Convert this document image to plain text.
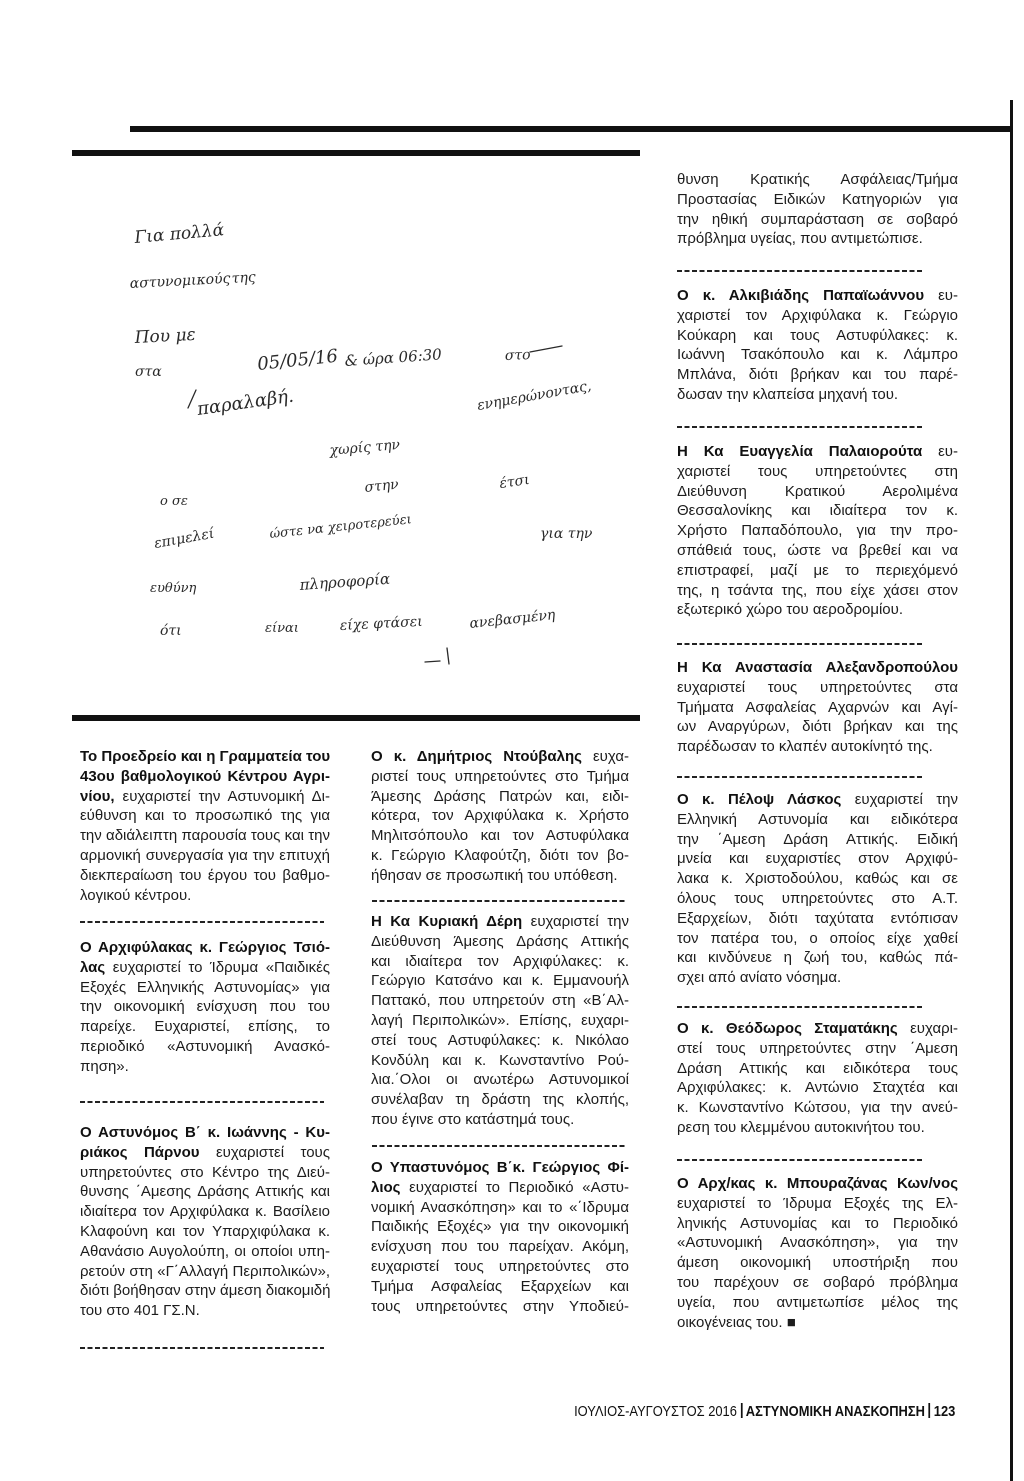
Για πολλά
αστυνομικούς της
Που με
στα	05/05/16 & ώρα 06:30	στο
παραλαβή.	ενημερώνοντας,
χωρίς την
στην	έτσι
ο σε
επιμελεί	ώστε να χειροτερεύει	για την
ευθύνη	πληροφορία
ότι	είναι	είχε φτάσει	ανεβασμένη
Το Προεδρείο και η Γραμματεία του
43ου βαθμολογικού Κέντρου Αγρι-
νίου, ευχαριστεί την Αστυνομική Δι-
εύθυνση και το προσωπικό της για
την αδιάλειπτη παρουσία τους και την
αρμονική συνεργασία για την επιτυχή
διεκπεραίωση του έργου του βαθμο-
λογικού κέντρου.
Ο Αρχιφύλακας κ. Γεώργιος Τσιό-
λας ευχαριστεί το Ίδρυμα «Παιδικές
Εξοχές Ελληνικής Αστυνομίας» για
την οικονομική ενίσχυση που του
παρείχε. Ευχαριστεί, επίσης, το
περιοδικό «Αστυνομική Ανασκό-
πηση».
Ο Αστυνόμος Β΄ κ. Ιωάννης - Κυ-
ριάκος Πάρνου ευχαριστεί τους
υπηρετούντες στο Κέντρο της Διεύ-
θυνσης ΄Αμεσης Δράσης Αττικής και
ιδιαίτερα τον Αρχιφύλακα κ. Βασίλειο
Κλαφούνη και τον Υπαρχιφύλακα κ.
Αθανάσιο Αυγολούπη, οι οποίοι υπη-
ρετούν στη «Γ΄Αλλαγή Περιπολικών»,
διότι βοήθησαν στην άμεση διακομιδή
του στο 401 ΓΣ.Ν.
Ο κ. Δημήτριος Ντούβαλης ευχα-
ριστεί τους υπηρετούντες στο Τμήμα
Άμεσης Δράσης Πατρών και, ειδι-
κότερα, τον Αρχιφύλακα κ. Χρήστο
Μηλιτσόπουλο και τον Αστυφύλακα
κ. Γεώργιο Κλαφούτζη, διότι τον βο-
ήθησαν σε προσωπική του υπόθεση.
Η Κα Κυριακή Δέρη ευχαριστεί την
Διεύθυνση Άμεσης Δράσης Αττικής
και ιδιαίτερα τον Αρχιφύλακες: κ.
Γεώργιο Κατσάνο και κ. Εμμανουήλ
Παττακό, που υπηρετούν στη «Β΄Αλ-
λαγή Περιπολικών». Επίσης, ευχαρι-
στεί τους Αστυφύλακες: κ. Νικόλαο
Κονδύλη και κ. Κωνσταντίνο Ρού-
λια.΄Ολοι οι ανωτέρω Αστυνομικοί
συνέλαβαν τη δράστη της κλοπής,
που έγινε στο κατάστημά τους.
Ο Υπαστυνόμος Β΄κ. Γεώργιος Φί-
λιος ευχαριστεί το Περιοδικό «Αστυ-
νομική Ανασκόπηση» και το «΄Ιδρυμα
Παιδικής Εξοχές» για την οικονομική
ενίσχυση που του παρείχαν. Ακόμη,
ευχαριστεί τους υπηρετούντες στο
Τμήμα Ασφαλείας Εξαρχείων και
τους υπηρετούντες στην Υποδιεύ-
θυνση Κρατικής Ασφάλειας/Τμήμα
Προστασίας Ειδικών Κατηγοριών για
την ηθική συμπαράσταση σε σοβαρό
πρόβλημα υγείας, που αντιμετώπισε.
Ο κ. Αλκιβιάδης Παπαϊωάννου ευ-
χαριστεί τον Αρχιφύλακα κ. Γεώργιο
Κούκαρη και τους Αστυφύλακες: κ.
Ιωάννη Τσακόπουλο και κ. Λάμπρο
Μπλάνα, διότι βρήκαν και του παρέ-
δωσαν την κλαπείσα μηχανή του.
Η Κα Ευαγγελία Παλαιορούτα ευ-
χαριστεί τους υπηρετούντες στη
Διεύθυνση Κρατικού Αερολιμένα
Θεσσαλονίκης και ιδιαίτερα τον κ.
Χρήστο Παπαδόπουλο, για την προ-
σπάθειά τους, ώστε να βρεθεί και να
επιστραφεί, μαζί με το περιεχόμενό
της, η τσάντα της, που είχε χάσει στον
εξωτερικό χώρο του αεροδρομίου.
Η Κα Αναστασία Αλεξανδροπούλου
ευχαριστεί τους υπηρετούντες στα
Τμήματα Ασφαλείας Αχαρνών και Αγί-
ων Αναργύρων, διότι βρήκαν και της
παρέδωσαν το κλαπέν αυτοκίνητό της.
Ο κ. Πέλοψ Λάσκος ευχαριστεί την
Ελληνική Αστυνομία και ειδικότερα
την ΄Αμεση Δράση Αττικής. Ειδική
μνεία και ευχαριστίες στον Αρχιφύ-
λακα κ. Χριστοδούλου, καθώς και σε
όλους τους υπηρετούντες στο Α.Τ.
Εξαρχείων, διότι ταχύτατα εντόπισαν
τον πατέρα του, ο οποίος είχε χαθεί
και κινδύνευε η ζωή του, καθώς πά-
σχει από ανίατο νόσημα.
Ο κ. Θεόδωρος Σταματάκης ευχαρι-
στεί τους υπηρετούντες στην ΄Αμεση
Δράση Αττικής και ειδικότερα τους
Αρχιφύλακες: κ. Αντώνιο Σταχτέα και
κ. Κωνσταντίνο Κώτσου, για την ανεύ-
ρεση του κλεμμένου αυτοκινήτου του.
Ο Αρχ/κας κ. Μπουραζάνας Κων/νος
ευχαριστεί το Ίδρυμα Εξοχές της Ελ-
ληνικής Αστυνομίας και το Περιοδικό
«Αστυνομική Ανασκόπηση», για την
άμεση οικονομική υποστήριξη που
του παρέχουν σε σοβαρό πρόβλημα
υγεία, που αντιμετωπίσε μέλος της
οικογένειας του. ■
ΙΟΥΛΙΟΣ-ΑΥΓΟΥΣΤΟΣ 2016 ΑΣΤΥΝΟΜΙΚΗ ΑΝΑΣΚΟΠΗΣΗ 123
